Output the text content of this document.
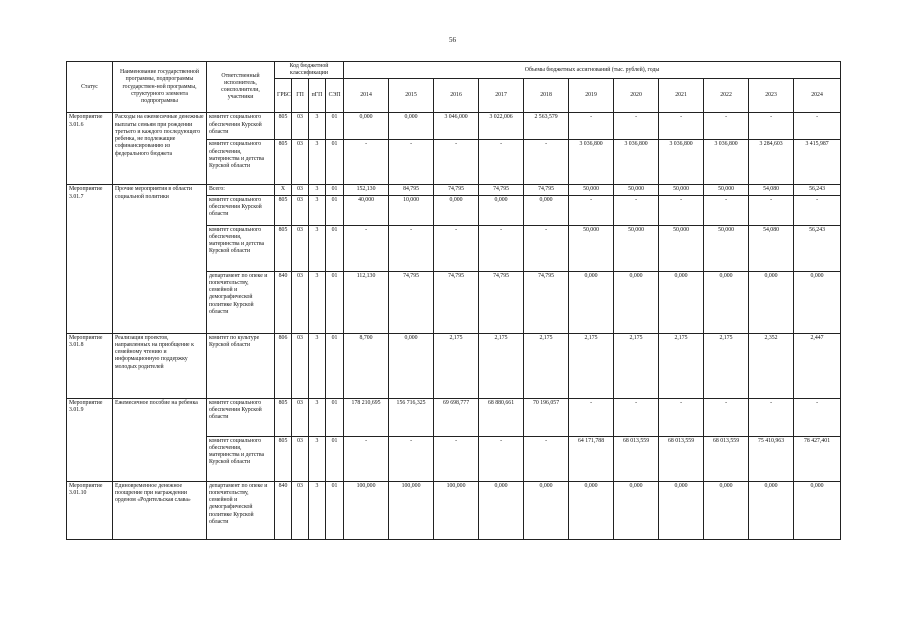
56
Статус	Наименование государственной программы, подпрограммы государствен-ной программы, структурного элемента подпрограммы	Ответственный исполнитель, соисполнители, участники	Код бюджетной классификации				Объемы бюджетных ассигнований (тыс. рублей), годы										
			ГРБС	ГП	пГП	СЭП	2014	2015	2016	2017	2018	2019	2020	2021	2022	2023	2024
Мероприятие 3.01.6	Расходы на ежемесячные денежные выплаты семьям при рождении третьего и каждого последующего ребенка, не подлежащие софинансированию из федерального бюджета	комитет социального обеспечения Курской области	805	03	3	01	0,000	0,000	3 046,000	3 022,006	2 563,579	-	-	-	-	-	-
		комитет социального обеспечения, материнства и детства Курской области	805	03	3	01	-	-	-	-	-	3 036,800	3 036,800	3 036,800	3 036,800	3 284,603	3 415,987
Мероприятие 3.01.7	Прочие мероприятия в области социальной политики	Всего:	Х	03	3	01	152,130	84,795	74,795	74,795	74,795	50,000	50,000	50,000	50,000	54,080	56,243
		комитет социального обеспечения Курской области	805	03	3	01	40,000	10,000	0,000	0,000	0,000	-	-	-	-	-	-
		комитет социального обеспечения, материнства и детства Курской области	805	03	3	01	-	-	-	-	-	50,000	50,000	50,000	50,000	54,080	56,243
		департамент по опеке и попечительству, семейной и демографической политике Курской области	840	03	3	01	112,130	74,795	74,795	74,795	74,795	0,000	0,000	0,000	0,000	0,000	0,000
Мероприятие 3.01.8	Реализация проектов, направленных на приобщение к семейному чтению и информационную поддержку молодых родителей	комитет по культуре Курской области	806	03	3	01	8,700	0,000	2,175	2,175	2,175	2,175	2,175	2,175	2,175	2,352	2,447
Мероприятие 3.01.9	Ежемесячное пособие на ребенка	комитет социального обеспечения Курской области	805	03	3	01	178 210,695	156 716,325	69 698,777	68 880,661	70 196,057	-	-	-	-	-	-
		комитет социального обеспечения, материнства и детства Курской области	805	03	3	01	-	-	-	-	-	64 171,788	68 013,559	68 013,559	68 013,559	75 410,963	78 427,401
Мероприятие 3.01.10	Единовременное денежное поощрение при награждении орденом «Родительская слава»	департамент по опеке и попечительству, семейной и демографической политике Курской области	840	03	3	01	100,000	100,000	100,000	0,000	0,000	0,000	0,000	0,000	0,000	0,000	0,000
